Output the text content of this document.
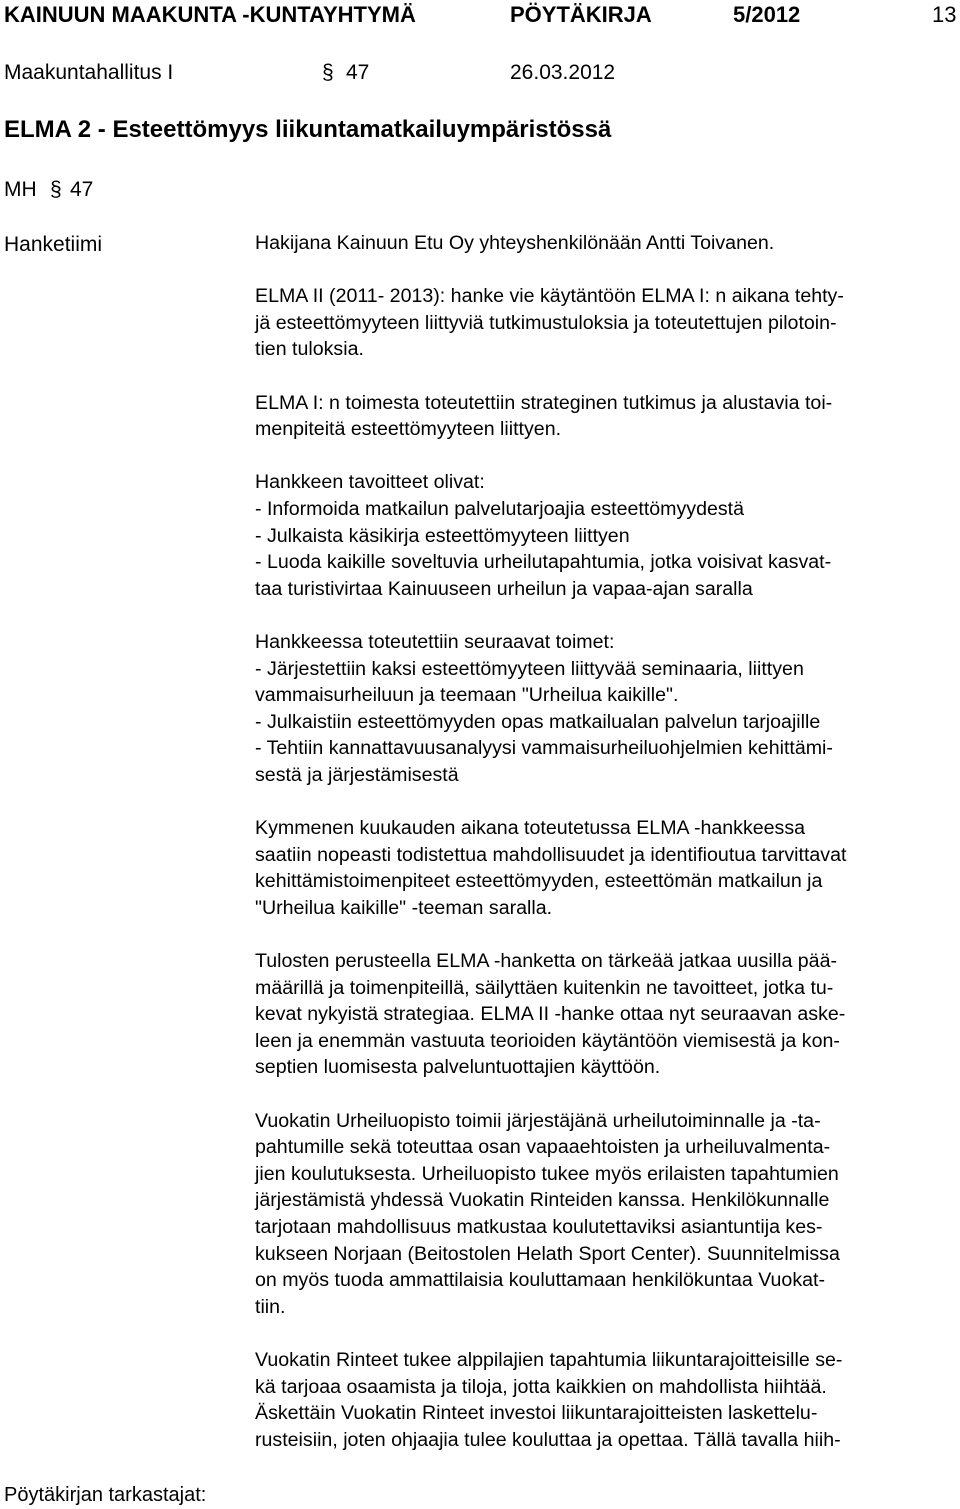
KAINUUN MAAKUNTA -KUNTAYHTYMÄ	PÖYTÄKIRJA	5/2012	13
Maakuntahallitus I	§ 47	26.03.2012
ELMA 2 - Esteettömyys liikuntamatkailuympäristössä
MH § 47
Hanketiimi	Hakijana Kainuun Etu Oy yhteyshenkilönään Antti Toivanen.
ELMA II (2011- 2013): hanke vie käytäntöön ELMA I: n aikana tehty-
jä esteettömyyteen liittyviä tutkimustuloksia ja toteutettujen pilotoin-
tien tuloksia.
ELMA I: n toimesta toteutettiin strateginen tutkimus ja alustavia toi-
menpiteitä esteettömyyteen liittyen.
Hankkeen tavoitteet olivat:
- Informoida matkailun palvelutarjoajia esteettömyydestä
- Julkaista käsikirja esteettömyyteen liittyen
- Luoda kaikille soveltuvia urheilutapahtumia, jotka voisivat kasvat-
taa turistivirtaa Kainuuseen urheilun ja vapaa-ajan saralla
Hankkeessa toteutettiin seuraavat toimet:
- Järjestettiin kaksi esteettömyyteen liittyvää seminaaria, liittyen
vammaisurheiluun ja teemaan "Urheilua kaikille".
- Julkaistiin esteettömyyden opas matkailualan palvelun tarjoajille
- Tehtiin kannattavuusanalyysi vammaisurheiluohjelmien kehittämi-
sestä ja järjestämisestä
Kymmenen kuukauden aikana toteutetussa ELMA -hankkeessa
saatiin nopeasti todistettua mahdollisuudet ja identifioutua tarvittavat
kehittämistoimenpiteet esteettömyyden, esteettömän matkailun ja
"Urheilua kaikille" -teeman saralla.
Tulosten perusteella ELMA -hanketta on tärkeää jatkaa uusilla pää-
määrillä ja toimenpiteillä, säilyttäen kuitenkin ne tavoitteet, jotka tu-
kevat nykyistä strategiaa. ELMA II -hanke ottaa nyt seuraavan aske-
leen ja enemmän vastuuta teorioiden käytäntöön viemisestä ja kon-
septien luomisesta palveluntuottajien käyttöön.
Vuokatin Urheiluopisto toimii järjestäjänä urheilutoiminnalle ja -ta-
pahtumille sekä toteuttaa osan vapaaehtoisten ja urheiluvalmenta-
jien koulutuksesta. Urheiluopisto tukee myös erilaisten tapahtumien
järjestämistä yhdessä Vuokatin Rinteiden kanssa. Henkilökunnalle
tarjotaan mahdollisuus matkustaa koulutettaviksi asiantuntija kes-
kukseen Norjaan (Beitostolen Helath Sport Center). Suunnitelmissa
on myös tuoda ammattilaisia kouluttamaan henkilökuntaa Vuokat-
tiin.
Vuokatin Rinteet tukee alppilajien tapahtumia liikuntarajoitteisille se-
kä tarjoaa osaamista ja tiloja, jotta kaikkien on mahdollista hiihtää.
Äskettäin Vuokatin Rinteet investoi liikuntarajoitteisten laskettelu-
rusteisiin, joten ohjaajia tulee kouluttaa ja opettaa. Tällä tavalla hiih-
Pöytäkirjan tarkastajat:
